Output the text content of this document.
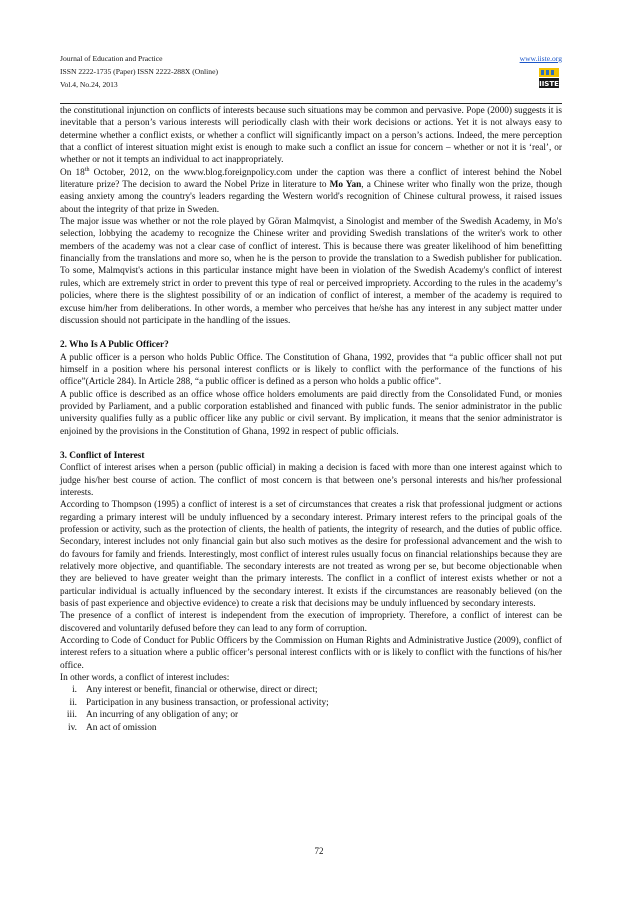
Journal of Education and Practice
ISSN 2222-1735 (Paper) ISSN 2222-288X (Online)
Vol.4, No.24, 2013
www.iiste.org
IISTE

the constitutional injunction on conflicts of interests because such situations may be common and pervasive. Pope (2000) suggests it is inevitable that a person’s various interests will periodically clash with their work decisions or actions. Yet it is not always easy to determine whether a conflict exists, or whether a conflict will significantly impact on a person’s actions. Indeed, the mere perception that a conflict of interest situation might exist is enough to make such a conflict an issue for concern – whether or not it is ‘real’, or whether or not it tempts an individual to act inappropriately.

On 18th October, 2012, on the www.blog.foreignpolicy.com under the caption was there a conflict of interest behind the Nobel literature prize? The decision to award the Nobel Prize in literature to Mo Yan, a Chinese writer who finally won the prize, though easing anxiety among the country's leaders regarding the Western world's recognition of Chinese cultural prowess, it raised issues about the integrity of that prize in Sweden.

The major issue was whether or not the role played by Göran Malmqvist, a Sinologist and member of the Swedish Academy, in Mo's selection, lobbying the academy to recognize the Chinese writer and providing Swedish translations of the writer's work to other members of the academy was not a clear case of conflict of interest. This is because there was greater likelihood of him benefitting financially from the translations and more so, when he is the person to provide the translation to a Swedish publisher for publication. To some, Malmqvist's actions in this particular instance might have been in violation of the Swedish Academy's conflict of interest rules, which are extremely strict in order to prevent this type of real or perceived impropriety. According to the rules in the academy’s policies, where there is the slightest possibility of or an indication of conflict of interest, a member of the academy is required to excuse him/her from deliberations. In other words, a member who perceives that he/she has any interest in any subject matter under discussion should not participate in the handling of the issues.

2. Who Is A Public Officer?

A public officer is a person who holds Public Office. The Constitution of Ghana, 1992, provides that “a public officer shall not put himself in a position where his personal interest conflicts or is likely to conflict with the performance of the functions of his office”(Article 284). In Article 288, “a public officer is defined as a person who holds a public office”.

A public office is described as an office whose office holders emoluments are paid directly from the Consolidated Fund, or monies provided by Parliament, and a public corporation established and financed with public funds. The senior administrator in the public university qualifies fully as a public officer like any public or civil servant. By implication, it means that the senior administrator is enjoined by the provisions in the Constitution of Ghana, 1992 in respect of public officials.

3. Conflict of Interest

Conflict of interest arises when a person (public official) in making a decision is faced with more than one interest against which to judge his/her best course of action. The conflict of most concern is that between one’s personal interests and his/her professional interests.

According to Thompson (1995) a conflict of interest is a set of circumstances that creates a risk that professional judgment or actions regarding a primary interest will be unduly influenced by a secondary interest. Primary interest refers to the principal goals of the profession or activity, such as the protection of clients, the health of patients, the integrity of research, and the duties of public office. Secondary, interest includes not only financial gain but also such motives as the desire for professional advancement and the wish to do favours for family and friends. Interestingly, most conflict of interest rules usually focus on financial relationships because they are relatively more objective, and quantifiable. The secondary interests are not treated as wrong per se, but become objectionable when they are believed to have greater weight than the primary interests. The conflict in a conflict of interest exists whether or not a particular individual is actually influenced by the secondary interest. It exists if the circumstances are reasonably believed (on the basis of past experience and objective evidence) to create a risk that decisions may be unduly influenced by secondary interests.

The presence of a conflict of interest is independent from the execution of impropriety. Therefore, a conflict of interest can be discovered and voluntarily defused before they can lead to any form of corruption.

According to Code of Conduct for Public Officers by the Commission on Human Rights and Administrative Justice (2009), conflict of interest refers to a situation where a public officer’s personal interest conflicts with or is likely to conflict with the functions of his/her office.

In other words, a conflict of interest includes:

i. Any interest or benefit, financial or otherwise, direct or direct;
ii. Participation in any business transaction, or professional activity;
iii. An incurring of any obligation of any; or
iv. An act of omission
72
